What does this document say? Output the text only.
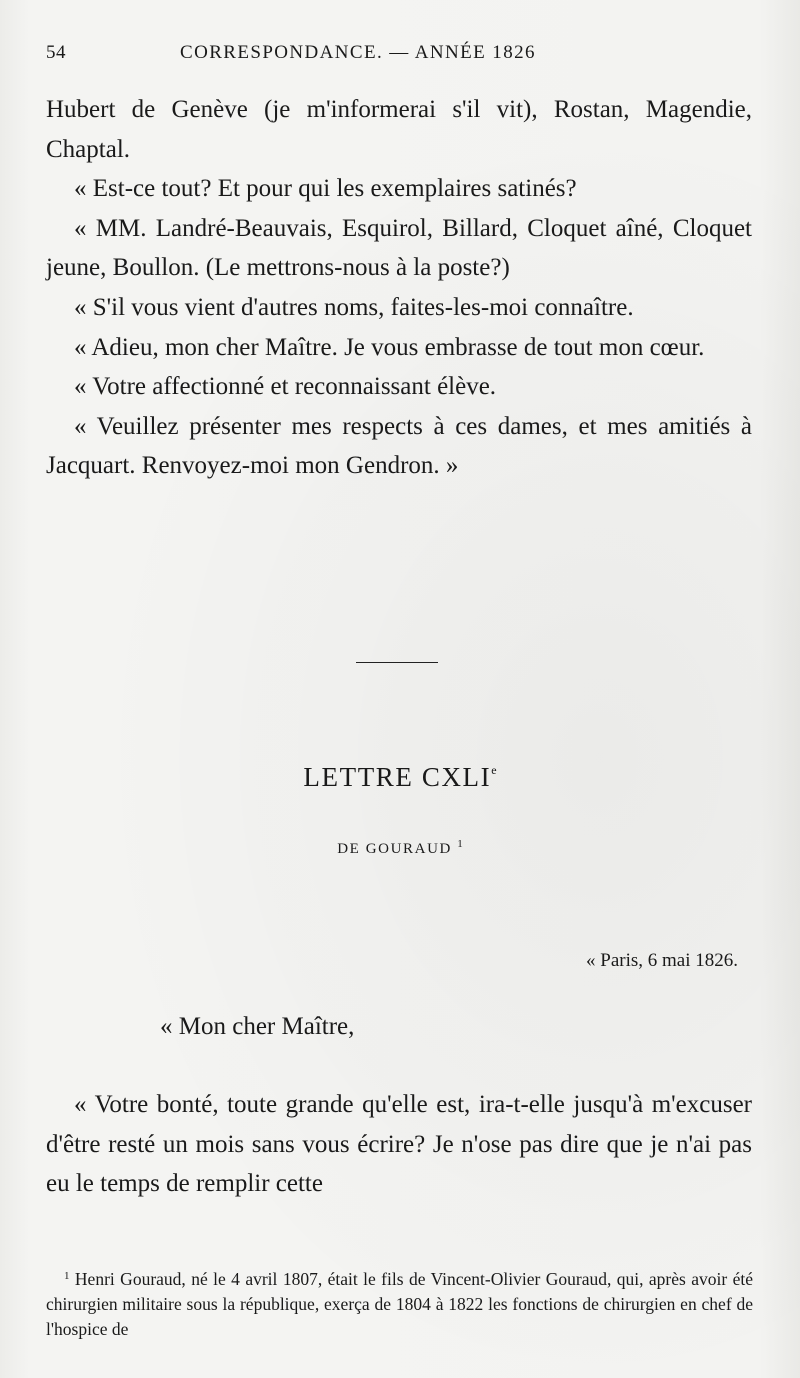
54	CORRESPONDANCE. — ANNÉE 1826

Hubert de Genève (je m'informerai s'il vit), Rostan, Magendie, Chaptal.

« Est-ce tout? Et pour qui les exemplaires satinés?

« MM. Landré-Beauvais, Esquirol, Billard, Cloquet aîné, Cloquet jeune, Boullon. (Le mettrons-nous à la poste?)

« S'il vous vient d'autres noms, faites-les-moi connaître.

« Adieu, mon cher Maître. Je vous embrasse de tout mon cœur.

« Votre affectionné et reconnaissant élève.

« Veuillez présenter mes respects à ces dames, et mes amitiés à Jacquart. Renvoyez-moi mon Gendron. »

LETTRE CXLIe
DE GOURAUD $^1$
« Paris, 6 mai 1826.
« Mon cher Maître,

« Votre bonté, toute grande qu'elle est, ira-t-elle jusqu'à m'excuser d'être resté un mois sans vous écrire? Je n'ose pas dire que je n'ai pas eu le temps de remplir cette

$^1$ Henri Gouraud, né le 4 avril 1807, était le fils de Vincent-Olivier Gouraud, qui, après avoir été chirurgien militaire sous la république, exerça de 1804 à 1822 les fonctions de chirurgien en chef de l'hospice de
